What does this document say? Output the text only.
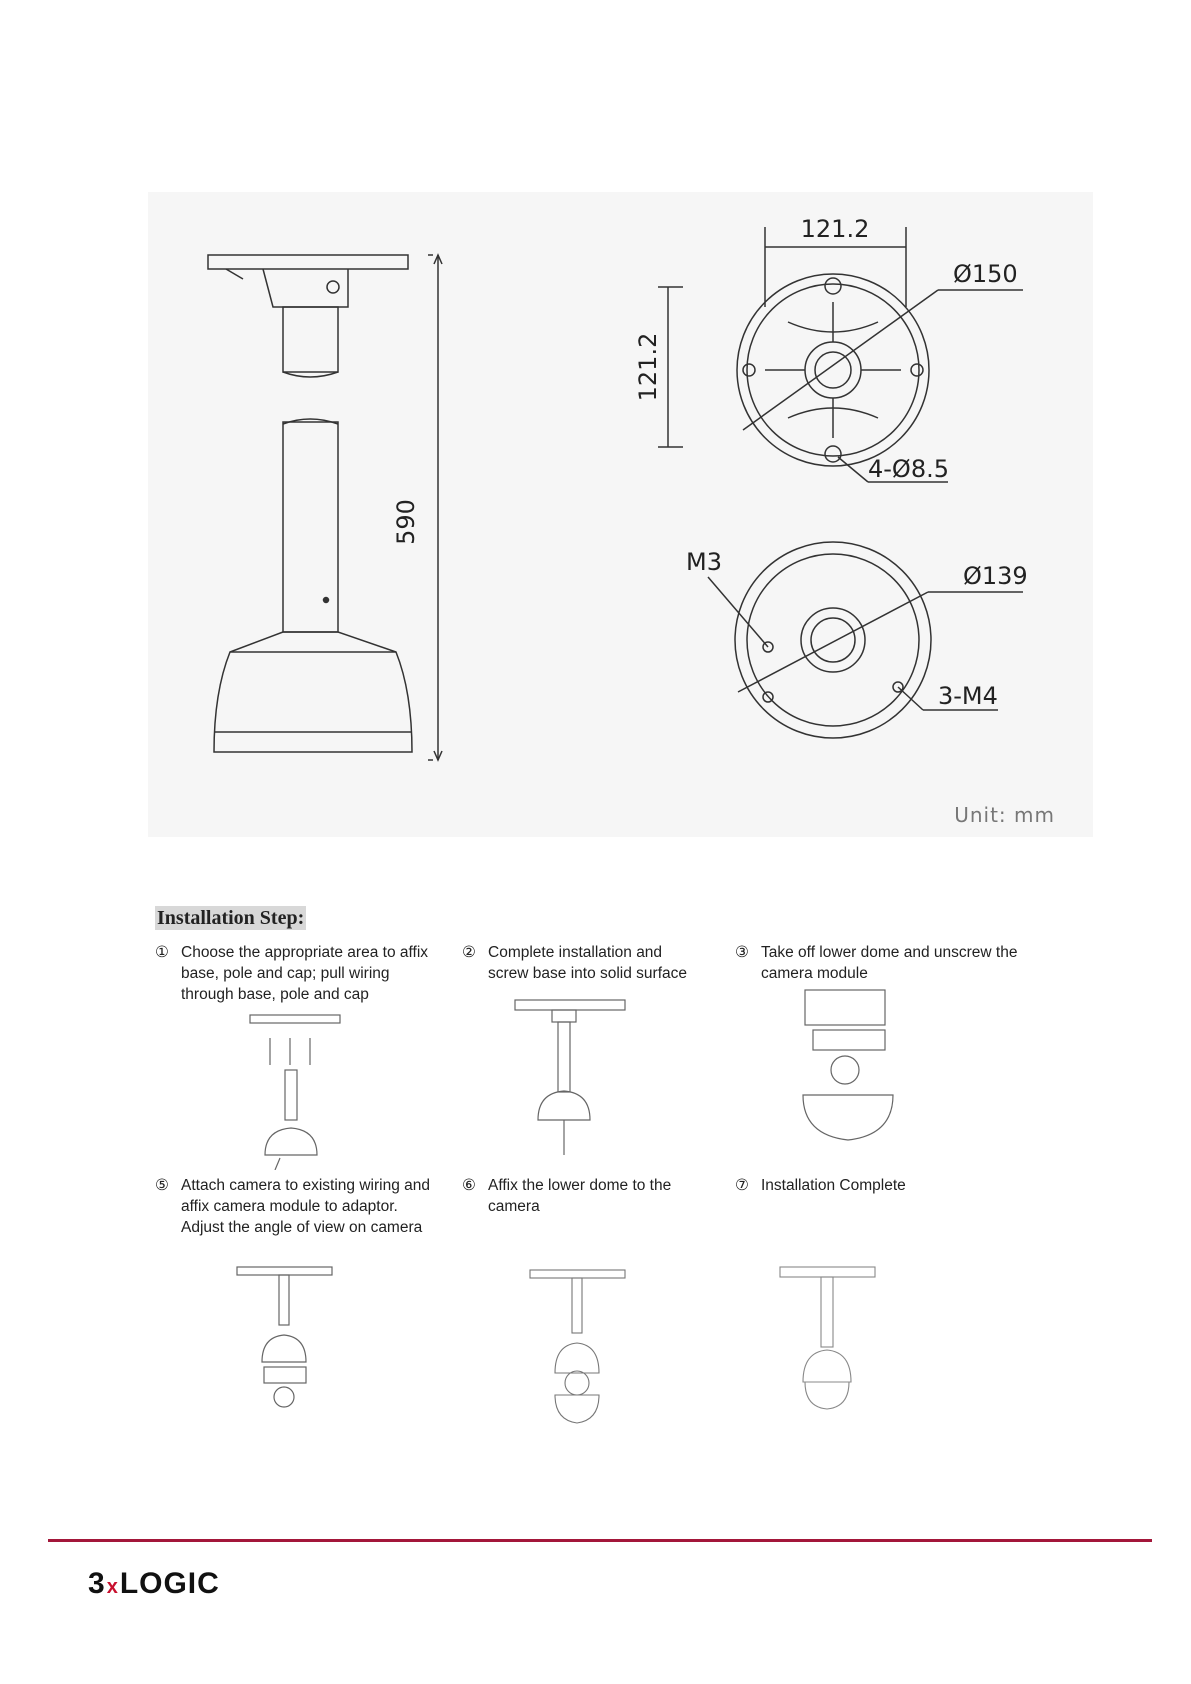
590
121.2
121.2
Ø150
4-Ø8.5
M3	Ø139
3-M4
Unit: mm
Installation Step:
① Choose the appropriate area to affix
base, pole and cap; pull wiring
through base, pole and cap
② Complete installation and
screw base into solid surface
③ Take off lower dome and unscrew the
camera module
⑤ Attach camera to existing wiring and
affix camera module to adaptor.
Adjust the angle of view on camera
⑥ Affix the lower dome to the
camera
⑦ Installation Complete
3xLOGIC
